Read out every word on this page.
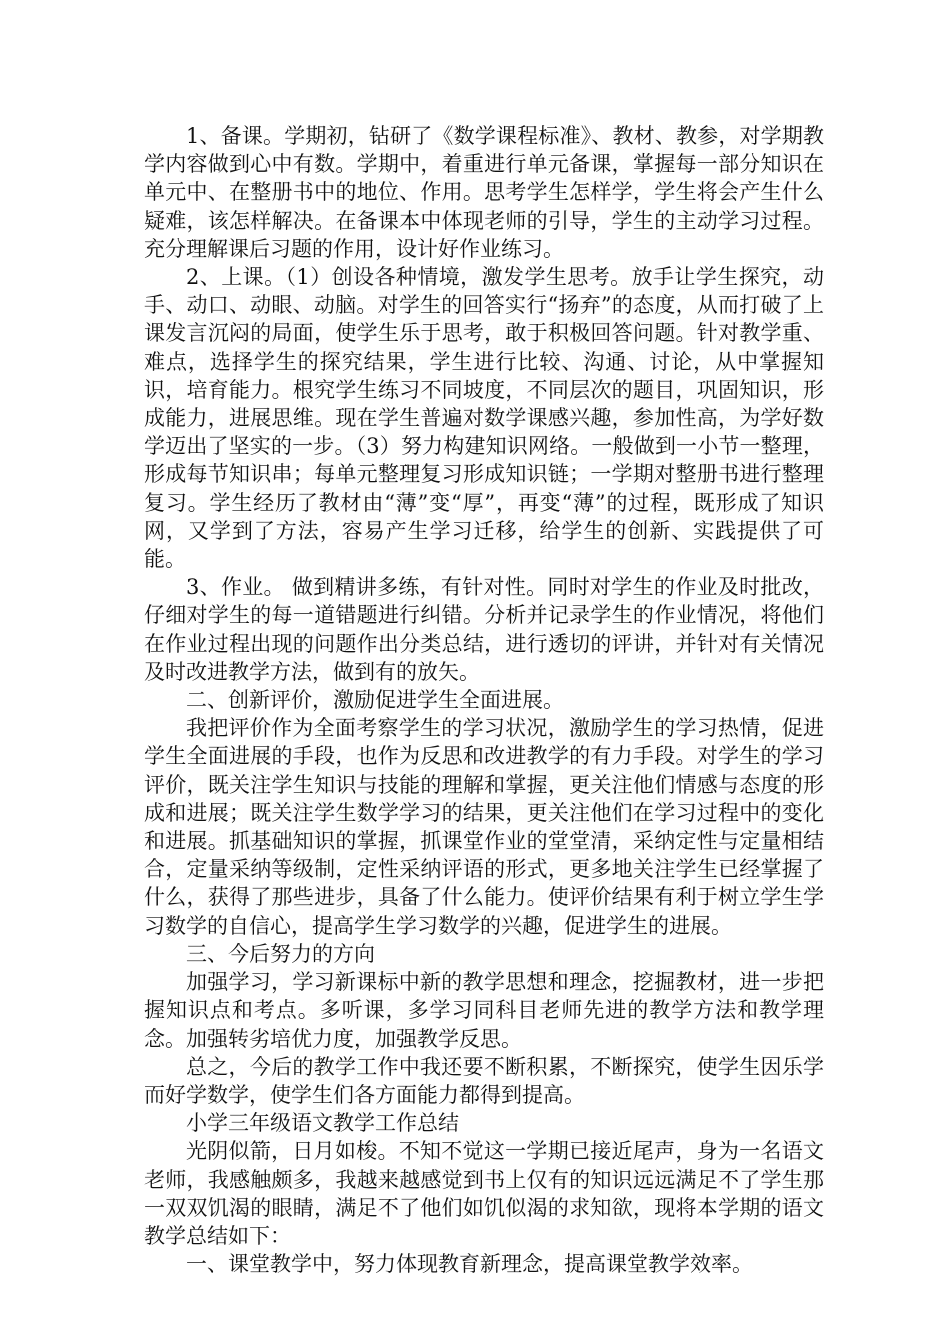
1、备课。学期初，钻研了《数学课程标准》、教材、教参，对学期教学内容做到心中有数。学期中，着重进行单元备课，掌握每一部分知识在单元中、在整册书中的地位、作用。思考学生怎样学，学生将会产生什么疑难，该怎样解决。在备课本中体现老师的引导，学生的主动学习过程。充分理解课后习题的作用，设计好作业练习。

2、上课。（1）创设各种情境，激发学生思考。放手让学生探究，动手、动口、动眼、动脑。对学生的回答实行“扬弃”的态度，从而打破了上课发言沉闷的局面，使学生乐于思考，敢于积极回答问题。针对教学重、难点，选择学生的探究结果，学生进行比较、沟通、讨论，从中掌握知识，培育能力。根究学生练习不同坡度，不同层次的题目，巩固知识，形成能力，进展思维。现在学生普遍对数学课感兴趣，参加性高，为学好数学迈出了坚实的一步。（3）努力构建知识网络。一般做到一小节一整理，形成每节知识串；每单元整理复习形成知识链；一学期对整册书进行整理复习。学生经历了教材由“薄”变“厚”，再变“薄”的过程，既形成了知识网，又学到了方法，容易产生学习迁移，给学生的创新、实践提供了可能。

3、作业。 做到精讲多练，有针对性。同时对学生的作业及时批改，仔细对学生的每一道错题进行纠错。分析并记录学生的作业情况，将他们在作业过程出现的问题作出分类总结，进行透切的评讲，并针对有关情况及时改进教学方法，做到有的放矢。

二、创新评价，激励促进学生全面进展。

我把评价作为全面考察学生的学习状况，激励学生的学习热情，促进学生全面进展的手段，也作为反思和改进教学的有力手段。对学生的学习评价，既关注学生知识与技能的理解和掌握，更关注他们情感与态度的形成和进展；既关注学生数学学习的结果，更关注他们在学习过程中的变化和进展。抓基础知识的掌握，抓课堂作业的堂堂清，采纳定性与定量相结合，定量采纳等级制，定性采纳评语的形式，更多地关注学生已经掌握了什么，获得了那些进步，具备了什么能力。使评价结果有利于树立学生学习数学的自信心，提高学生学习数学的兴趣，促进学生的进展。

三、今后努力的方向

加强学习，学习新课标中新的教学思想和理念，挖掘教材，进一步把握知识点和考点。多听课，多学习同科目老师先进的教学方法和教学理念。加强转劣培优力度，加强教学反思。

总之，今后的教学工作中我还要不断积累，不断探究，使学生因乐学而好学数学，使学生们各方面能力都得到提高。

小学三年级语文教学工作总结

光阴似箭，日月如梭。不知不觉这一学期已接近尾声，身为一名语文老师，我感触颇多，我越来越感觉到书上仅有的知识远远满足不了学生那一双双饥渴的眼睛，满足不了他们如饥似渴的求知欲，现将本学期的语文教学总结如下：

一、课堂教学中，努力体现教育新理念，提高课堂教学效率。
